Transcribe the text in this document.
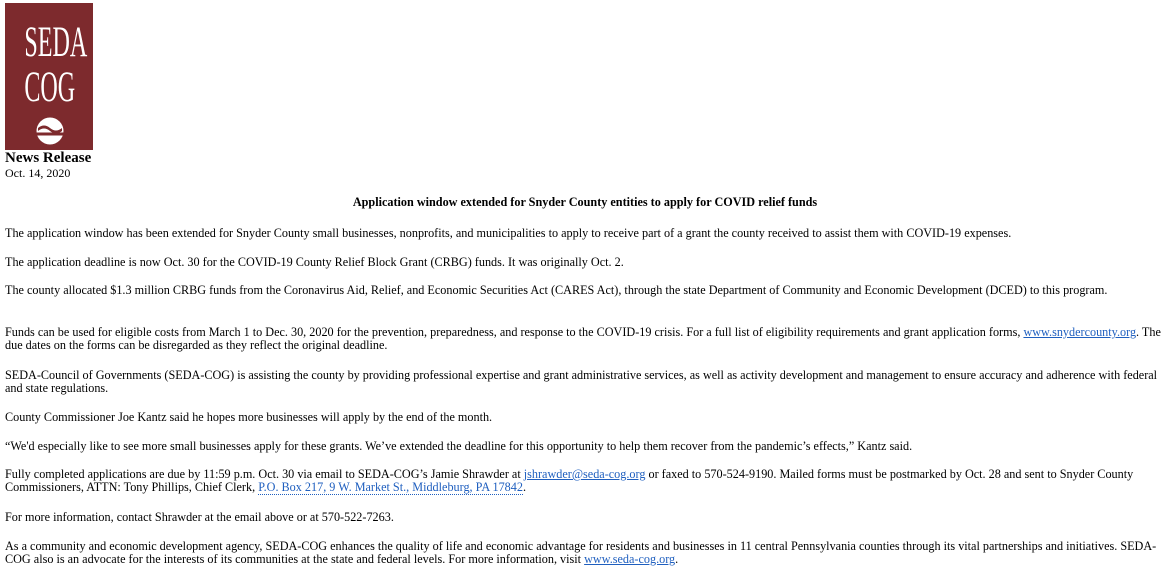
SEDA
COG
News Release
Oct. 14, 2020
Application window extended for Snyder County entities to apply for COVID relief funds

The application window has been extended for Snyder County small businesses, nonprofits, and municipalities to apply to receive part of a grant the county received to assist them with COVID-19 expenses.

The application deadline is now Oct. 30 for the COVID-19 County Relief Block Grant (CRBG) funds. It was originally Oct. 2.

The county allocated $1.3 million CRBG funds from the Coronavirus Aid, Relief, and Economic Securities Act (CARES Act), through the state Department of Community and Economic Development (DCED) to this program.

Funds can be used for eligible costs from March 1 to Dec. 30, 2020 for the prevention, preparedness, and response to the COVID-19 crisis. For a full list of eligibility requirements and grant application forms, www.snydercounty.org. The due dates on the forms can be disregarded as they reflect the original deadline.

SEDA-Council of Governments (SEDA-COG) is assisting the county by providing professional expertise and grant administrative services, as well as activity development and management to ensure accuracy and adherence with federal and state regulations.

County Commissioner Joe Kantz said he hopes more businesses will apply by the end of the month.

“We'd especially like to see more small businesses apply for these grants. We’ve extended the deadline for this opportunity to help them recover from the pandemic’s effects,” Kantz said.

Fully completed applications are due by 11:59 p.m. Oct. 30 via email to SEDA-COG’s Jamie Shrawder at jshrawder@seda-cog.org or faxed to 570-524-9190. Mailed forms must be postmarked by Oct. 28 and sent to Snyder County Commissioners, ATTN: Tony Phillips, Chief Clerk, P.O. Box 217, 9 W. Market St., Middleburg, PA 17842.

For more information, contact Shrawder at the email above or at 570-522-7263.

As a community and economic development agency, SEDA-COG enhances the quality of life and economic advantage for residents and businesses in 11 central Pennsylvania counties through its vital partnerships and initiatives. SEDA-COG also is an advocate for the interests of its communities at the state and federal levels. For more information, visit www.seda-cog.org.
